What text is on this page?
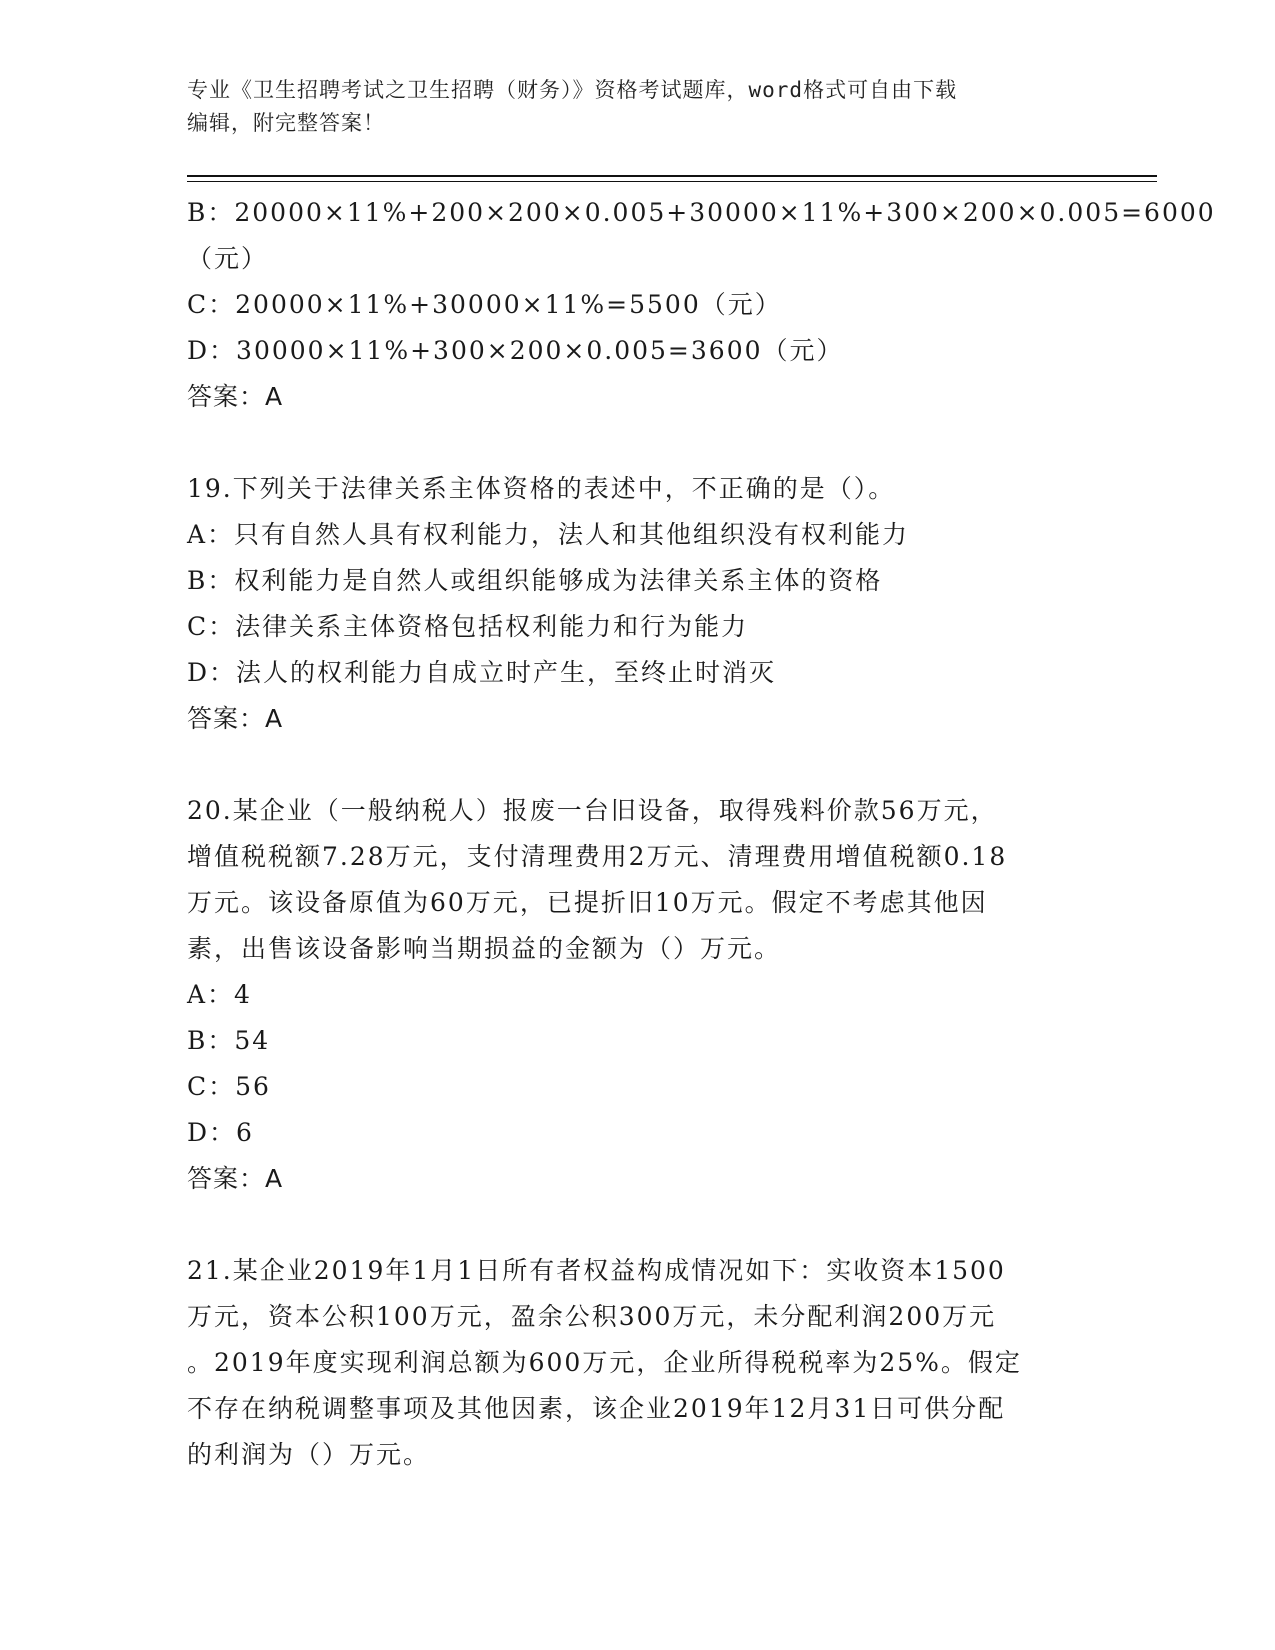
专业《卫生招聘考试之卫生招聘（财务）》资格考试题库，word格式可自由下载
编辑，附完整答案！
B：20000×11%+200×200×0.005+30000×11%+300×200×0.005=6000
（元）
C：20000×11%+30000×11%=5500（元）
D：30000×11%+300×200×0.005=3600（元）
答案：A
19.下列关于法律关系主体资格的表述中，不正确的是（）。
A：只有自然人具有权利能力，法人和其他组织没有权利能力
B：权利能力是自然人或组织能够成为法律关系主体的资格
C：法律关系主体资格包括权利能力和行为能力
D：法人的权利能力自成立时产生，至终止时消灭
答案：A
20.某企业（一般纳税人）报废一台旧设备，取得残料价款56万元，
增值税税额7.28万元，支付清理费用2万元、清理费用增值税额0.18
万元。该设备原值为60万元，已提折旧10万元。假定不考虑其他因
素，出售该设备影响当期损益的金额为（）万元。
A：4
B：54
C：56
D：6
答案：A
21.某企业2019年1月1日所有者权益构成情况如下：实收资本1500
万元，资本公积100万元，盈余公积300万元，未分配利润200万元
。2019年度实现利润总额为600万元，企业所得税税率为25%。假定
不存在纳税调整事项及其他因素，该企业2019年12月31日可供分配
的利润为（）万元。
